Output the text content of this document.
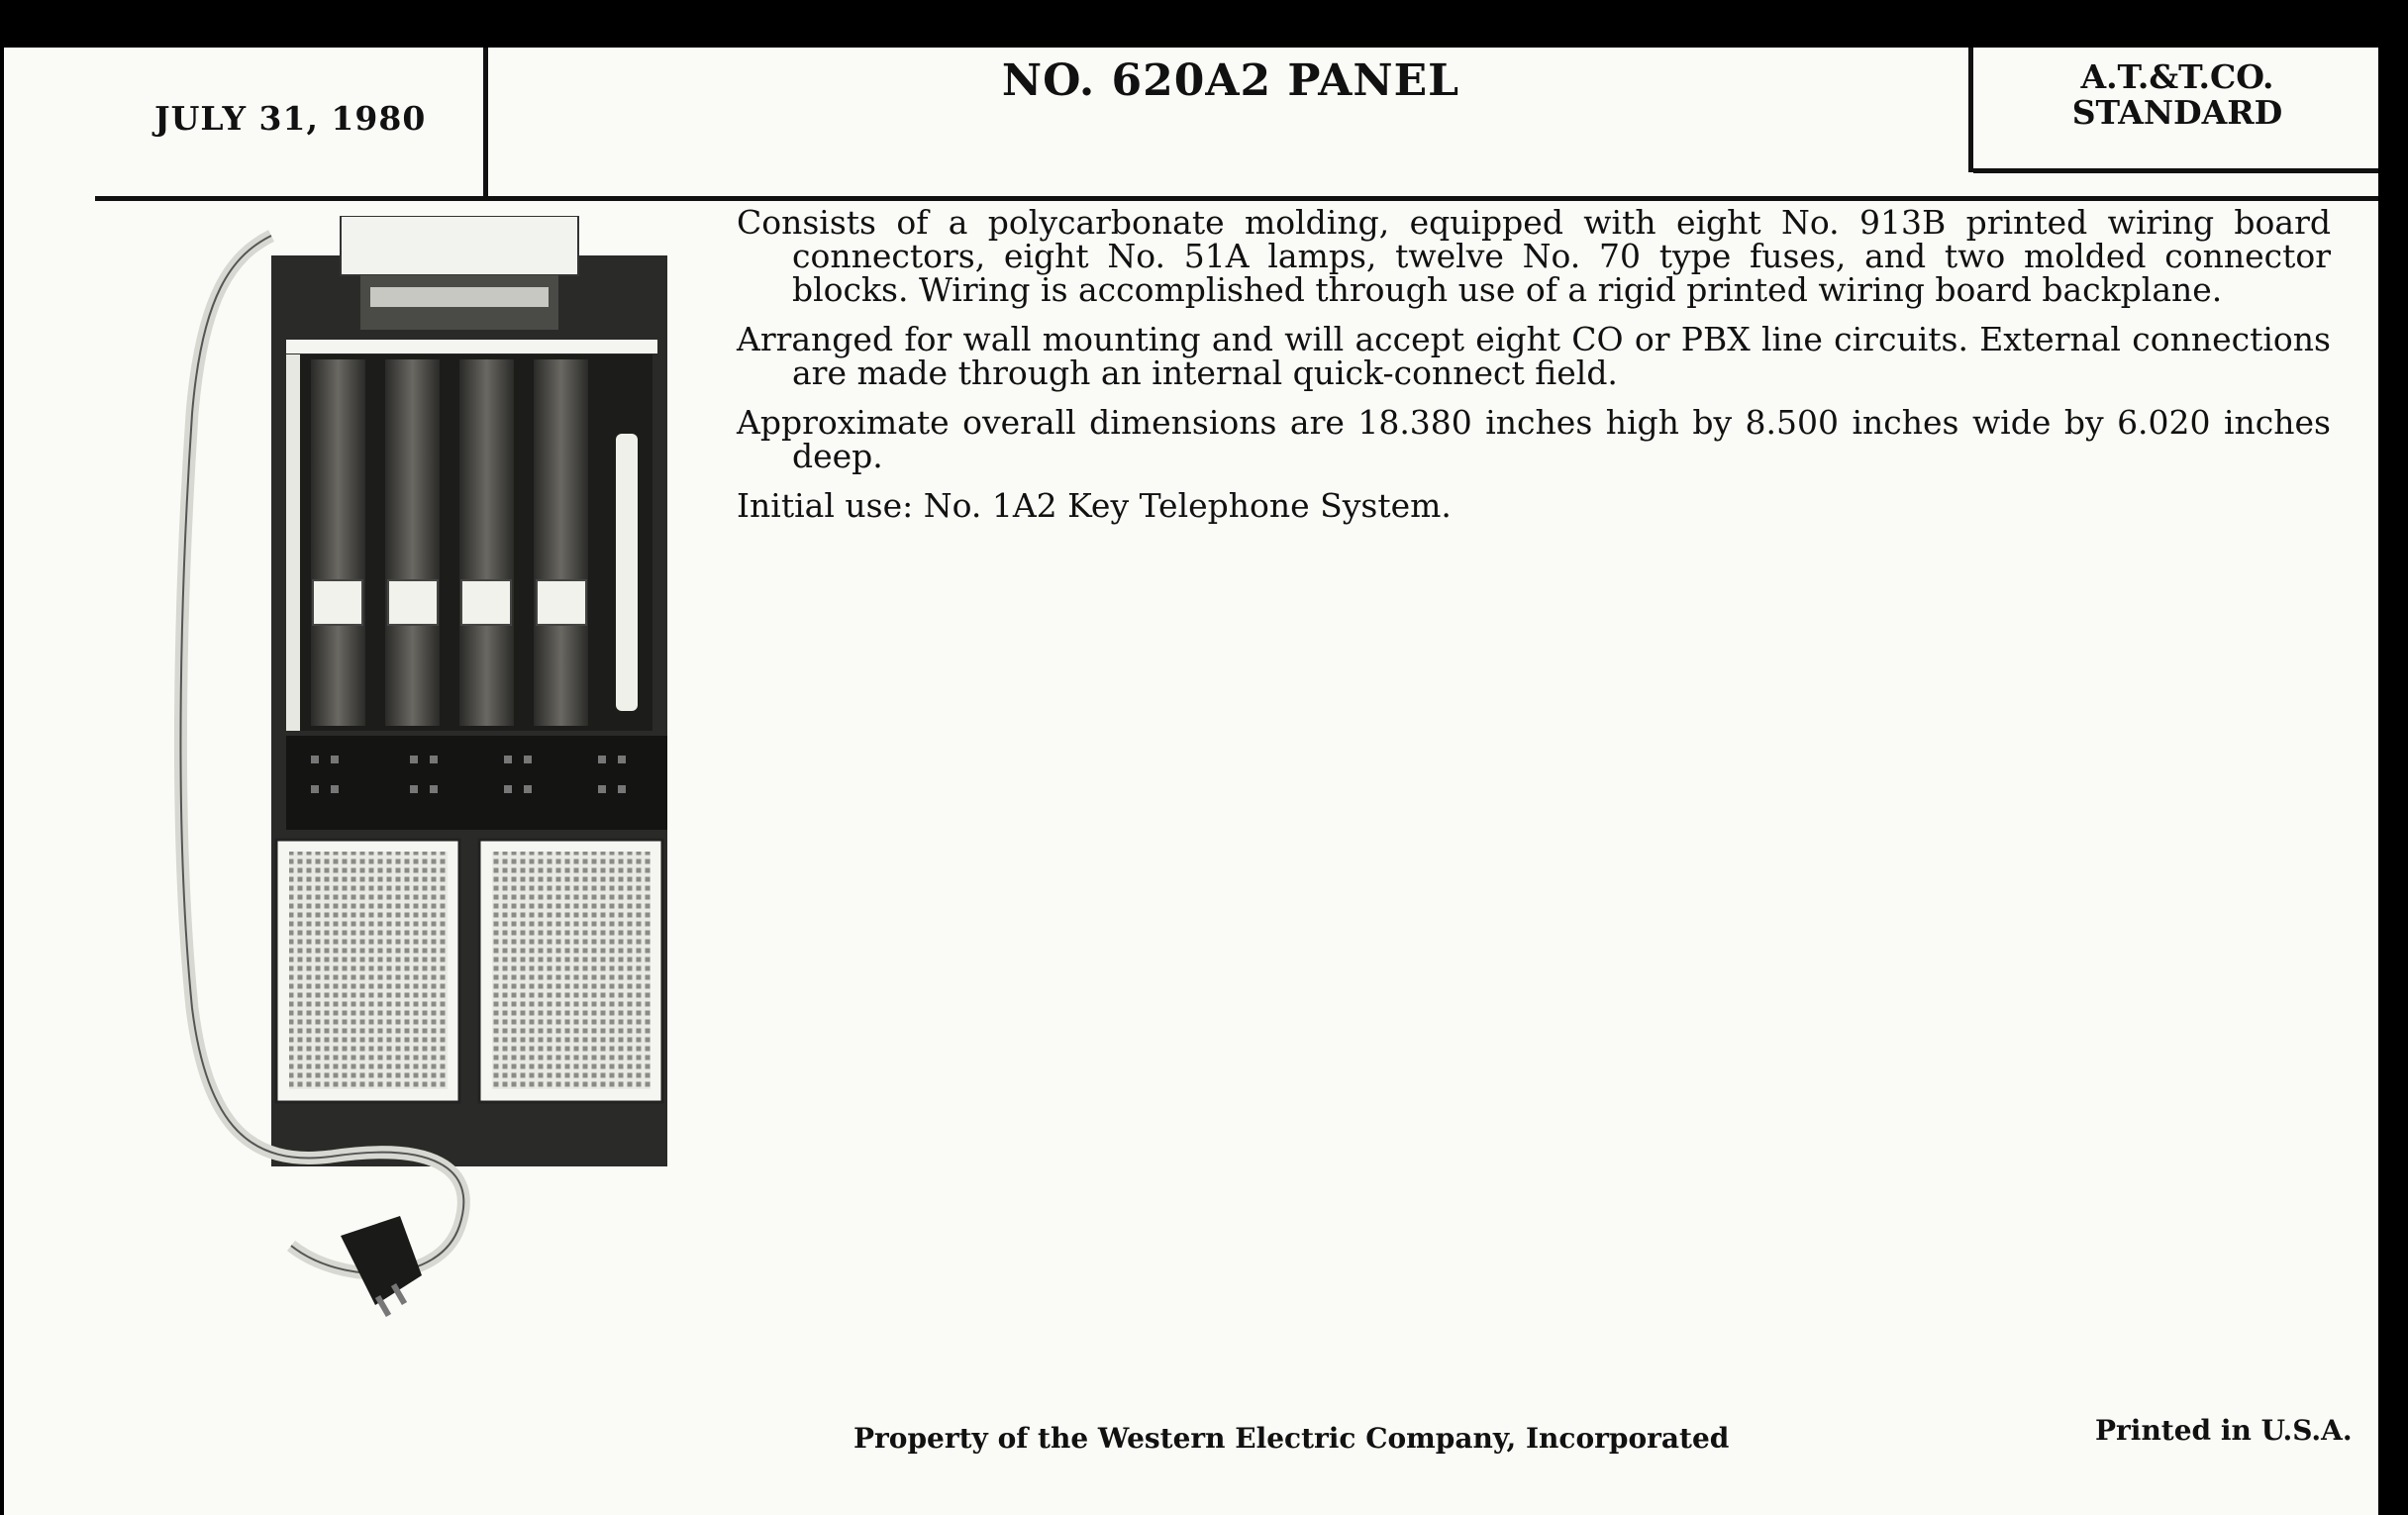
JULY 31, 1980
NO. 620A2 PANEL	A.T.&T.CO.
STANDARD

Consists of a polycarbonate molding, equipped with eight No. 913B printed wiring board connectors, eight No. 51A lamps, twelve No. 70 type fuses, and two molded connector blocks. Wiring is accomplished through use of a rigid printed wiring board backplane.

Arranged for wall mounting and will accept eight CO or PBX line circuits. External connections are made through an internal quick-connect field.

Approximate overall dimensions are 18.380 inches high by 8.500 inches wide by 6.020 inches deep.

Initial use: No. 1A2 Key Telephone System.

Property of the Western Electric Company, Incorporated	Printed in U.S.A.
